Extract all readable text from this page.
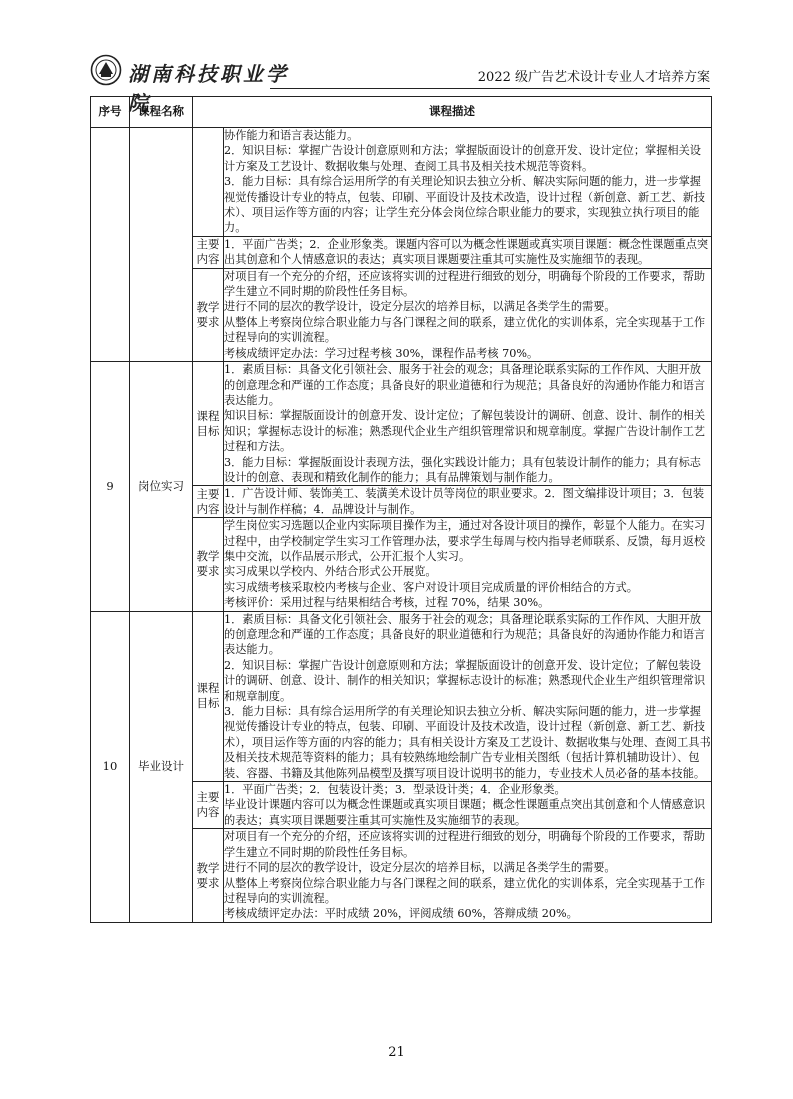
湖南科技职业学院
2022 级广告艺术设计专业人才培养方案
序号	课程名称	课程描述	

			协作能力和语言表达能力。
2．知识目标：掌握广告设计创意原则和方法；掌握版面设计的创意开发、设计定位；掌握相关设计方案及工艺设计、数据收集与处理、查阅工具书及相关技术规范等资料。
3．能力目标：具有综合运用所学的有关理论知识去独立分析、解决实际问题的能力，进一步掌握视觉传播设计专业的特点，包装、印刷、平面设计及技术改造，设计过程（新创意、新工艺、新技术）、项目运作等方面的内容；让学生充分体会岗位综合职业能力的要求，实现独立执行项目的能力。

		主要内容	1．平面广告类；2．企业形象类。课题内容可以为概念性课题或真实项目课题：概念性课题重点突出其创意和个人情感意识的表达；真实项目课题要注重其可实施性及实施细节的表现。

		教学要求	对项目有一个充分的介绍，还应该将实训的过程进行细致的划分，明确每个阶段的工作要求，帮助学生建立不同时期的阶段性任务目标。
进行不同的层次的教学设计，设定分层次的培养目标，以满足各类学生的需要。
从整体上考察岗位综合职业能力与各门课程之间的联系，建立优化的实训体系，完全实现基于工作过程导向的实训流程。
考核成绩评定办法：学习过程考核 30%，课程作品考核 70%。

9	岗位实习	课程目标	1．素质目标：具备文化引领社会、服务于社会的观念；具备理论联系实际的工作作风、大胆开放的创意理念和严谨的工作态度；具备良好的职业道德和行为规范；具备良好的沟通协作能力和语言表达能力。
知识目标：掌握版面设计的创意开发、设计定位；了解包装设计的调研、创意、设计、制作的相关知识；掌握标志设计的标准；熟悉现代企业生产组织管理常识和规章制度。掌握广告设计制作工艺过程和方法。
3．能力目标：掌握版面设计表现方法，强化实践设计能力；具有包装设计制作的能力；具有标志设计的创意、表现和精致化制作的能力；具有品牌策划与制作能力。

		主要内容	1．广告设计师、装饰美工、装潢美术设计员等岗位的职业要求。2．图文编排设计项目；3．包装设计与制作样稿；4．品牌设计与制作。

		教学要求	学生岗位实习选题以企业内实际项目操作为主，通过对各设计项目的操作，彰显个人能力。在实习过程中，由学校制定学生实习工作管理办法，要求学生每周与校内指导老师联系、反馈，每月返校集中交流，以作品展示形式，公开汇报个人实习。
实习成果以学校内、外结合形式公开展览。
实习成绩考核采取校内考核与企业、客户对设计项目完成质量的评价相结合的方式。
考核评价：采用过程与结果相结合考核，过程 70%，结果 30%。

10	毕业设计	课程目标	1．素质目标：具备文化引领社会、服务于社会的观念；具备理论联系实际的工作作风、大胆开放的创意理念和严谨的工作态度；具备良好的职业道德和行为规范；具备良好的沟通协作能力和语言表达能力。
2．知识目标：掌握广告设计创意原则和方法；掌握版面设计的创意开发、设计定位；了解包装设计的调研、创意、设计、制作的相关知识；掌握标志设计的标准；熟悉现代企业生产组织管理常识和规章制度。
3．能力目标：具有综合运用所学的有关理论知识去独立分析、解决实际问题的能力，进一步掌握视觉传播设计专业的特点，包装、印刷、平面设计及技术改造，设计过程（新创意、新工艺、新技术），项目运作等方面的内容的能力；具有相关设计方案及工艺设计、数据收集与处理、查阅工具书及相关技术规范等资料的能力；具有较熟练地绘制广告专业相关图纸（包括计算机辅助设计）、包装、容器、书籍及其他陈列品模型及撰写项目设计说明书的能力，专业技术人员必备的基本技能。

		主要内容	1．平面广告类；2．包装设计类；3．型录设计类；4．企业形象类。
毕业设计课题内容可以为概念性课题或真实项目课题；概念性课题重点突出其创意和个人情感意识的表达；真实项目课题要注重其可实施性及实施细节的表现。

		教学要求	对项目有一个充分的介绍，还应该将实训的过程进行细致的划分，明确每个阶段的工作要求，帮助学生建立不同时期的阶段性任务目标。
进行不同的层次的教学设计，设定分层次的培养目标，以满足各类学生的需要。
从整体上考察岗位综合职业能力与各门课程之间的联系，建立优化的实训体系，完全实现基于工作过程导向的实训流程。
考核成绩评定办法：平时成绩 20%，评阅成绩 60%，答辩成绩 20%。
21
